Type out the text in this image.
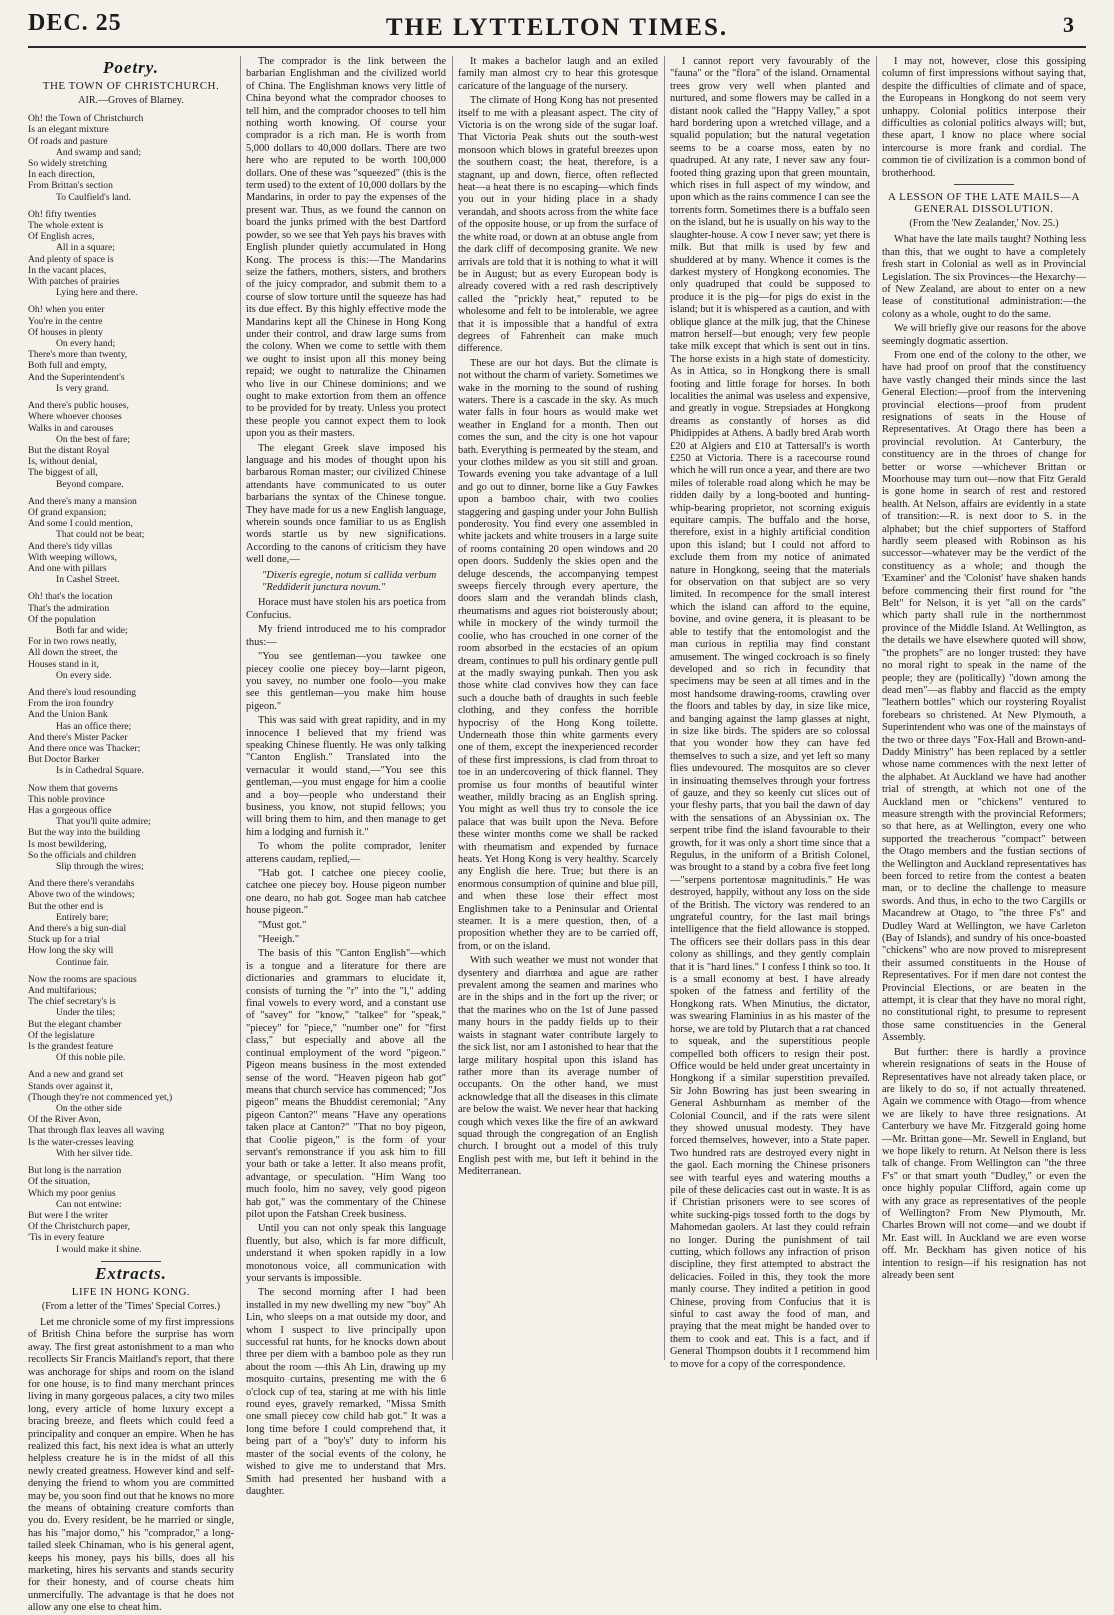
DEC. 25	THE LYTTELTON TIMES.	3
Poetry.
THE TOWN OF CHRISTCHURCH.
AIR.—Groves of Blarney.
Oh! the Town of Christchurch
Is an elegant mixture
Of roads and pasture
And swamp and sand;
So widely stretching
In each direction,
From Brittan's section
To Caulfield's land.
Oh! fifty twenties
The whole extent is
Of English acres,
All in a square;
And plenty of space is
In the vacant places,
With patches of prairies
Lying here and there.
Oh! when you enter
You're in the centre
Of houses in plenty
On every hand;
There's more than twenty,
Both full and empty,
And the Superintendent's
Is very grand.
And there's public houses,
Where whoever chooses
Walks in and carouses
On the best of fare;
But the distant Royal
Is, without denial,
The biggest of all,
Beyond compare.
And there's many a mansion
Of grand expansion;
And some I could mention,
That could not be beat;
And there's tidy villas
With weeping willows,
And one with pillars
In Cashel Street.
Oh! that's the location
That's the admiration
Of the population
Both far and wide;
For in two rows neatly,
All down the street, the
Houses stand in it,
On every side.
And there's loud resounding
From the iron foundry
And the Union Bank
Has an office there;
And there's Mister Packer
And there once was Thacker;
But Doctor Barker
Is in Cathedral Square.
Now them that governs
This noble province
Has a gorgeous office
That you'll quite admire;
But the way into the building
Is most bewildering,
So the officials and children
Slip through the wires;
And there there's verandahs
Above two of the windows;
But the other end is
Entirely bare;
And there's a big sun-dial
Stuck up for a trial
How long the sky will
Continue fair.
Now the rooms are spacious
And multifarious;
The chief secretary's is
Under the tiles;
But the elegant chamber
Of the legislature
Is the grandest feature
Of this noble pile.
And a new and grand set
Stands over against it,
(Though they're not commenced yet,)
On the other side
Of the River Avon,
That through flax leaves all waving
Is the water-cresses leaving
With her silver tide.
But long is the narration
Of the situation,
Which my poor genius
Can not entwine:
But were I the writer
Of the Christchurch paper,
'Tis in every feature
I would make it shine.
Extracts.
LIFE IN HONG KONG.
(From a letter of the 'Times' Special Corres.)

Let me chronicle some of my first impressions of British China before the surprise has worn away. The first great astonishment to a man who recollects Sir Francis Maitland's report, that there was anchorage for ships and room on the island for one house, is to find many merchant princes living in many gorgeous palaces, a city two miles long, every article of home luxury except a bracing breeze, and fleets which could feed a principality and conquer an empire. When he has realized this fact, his next idea is what an utterly helpless creature he is in the midst of all this newly created greatness. However kind and self-denying the friend to whom you are committed may be, you soon find out that he knows no more the means of obtaining creature comforts than you do. Every resident, be he married or single, has his "major domo," his "comprador," a long-tailed sleek Chinaman, who is his general agent, keeps his money, pays his bills, does all his marketing, hires his servants and stands security for their honesty, and of course cheats him unmercifully. The advantage is that he does not allow any one else to cheat him.

The comprador is the link between the barbarian Englishman and the civilized world of China. The Englishman knows very little of China beyond what the comprador chooses to tell him, and the comprador chooses to tell him nothing worth knowing. Of course your comprador is a rich man. He is worth from 5,000 dollars to 40,000 dollars. There are two here who are reputed to be worth 100,000 dollars. One of these was "squeezed" (this is the term used) to the extent of 10,000 dollars by the Mandarins, in order to pay the expenses of the present war. Thus, as we found the cannon on board the junks primed with the best Dartford powder, so we see that Yeh pays his braves with English plunder quietly accumulated in Hong Kong. The process is this:—The Mandarins seize the fathers, mothers, sisters, and brothers of the juicy comprador, and submit them to a course of slow torture until the squeeze has had its due effect. By this highly effective mode the Mandarins kept all the Chinese in Hong Kong under their control, and draw large sums from the colony. When we come to settle with them we ought to insist upon all this money being repaid; we ought to naturalize the Chinamen who live in our Chinese dominions; and we ought to make extortion from them an offence to be provided for by treaty. Unless you protect these people you cannot expect them to look upon you as their masters.

The elegant Greek slave imposed his language and his modes of thought upon his barbarous Roman master; our civilized Chinese attendants have communicated to us outer barbarians the syntax of the Chinese tongue. They have made for us a new English language, wherein sounds once familiar to us as English words startle us by new significations. According to the canons of criticism they have well done,—

"Dixeris egregie, notum si callida verbum
"Reddiderit junctura novum."

Horace must have stolen his ars poetica from Confucius.

My friend introduced me to his comprador thus:—

"You see gentleman—you tawkee one piecey coolie one piecey boy—larnt pigeon, you savey, no number one foolo—you make see this gentleman—you make him house pigeon."

This was said with great rapidity, and in my innocence I believed that my friend was speaking Chinese fluently. He was only talking "Canton English." Translated into the vernacular it would stand,—"You see this gentleman,—you must engage for him a coolie and a boy—people who understand their business, you know, not stupid fellows; you will bring them to him, and then manage to get him a lodging and furnish it."

To whom the polite comprador, leniter atterens caudam, replied,—

"Hab got. I catchee one piecey coolie, catchee one piecey boy. House pigeon number one dearo, no hab got. Sogee man hab catchee house pigeon."

"Must got."

"Heeigh."

The basis of this "Canton English"—which is a tongue and a literature for there are dictionaries and grammars to elucidate it, consists of turning the "r" into the "l," adding final vowels to every word, and a constant use of "savey" for "know," "talkee" for "speak," "piecey" for "piece," "number one" for "first class," but especially and above all the continual employment of the word "pigeon." Pigeon means business in the most extended sense of the word. "Heaven pigeon hab got" means that church service has commenced; "Jos pigeon" means the Bhuddist ceremonial; "Any pigeon Canton?" means "Have any operations taken place at Canton?" "That no boy pigeon, that Coolie pigeon," is the form of your servant's remonstrance if you ask him to fill your bath or take a letter. It also means profit, advantage, or speculation. "Him Wang too much foolo, him no savey, vely good pigeon hab got," was the commentary of the Chinese pilot upon the Fatshan Creek business.

Until you can not only speak this language fluently, but also, which is far more difficult, understand it when spoken rapidly in a low monotonous voice, all communication with your servants is impossible.

The second morning after I had been installed in my new dwelling my new "boy" Ah Lin, who sleeps on a mat outside my door, and whom I suspect to live principally upon successful rat hunts, for he knocks down about three per diem with a bamboo pole as they run about the room —this Ah Lin, drawing up my mosquito curtains, presenting me with the 6 o'clock cup of tea, staring at me with his little round eyes, gravely remarked, "Missa Smith one small piecey cow child hab got." It was a long time before I could comprehend that, it being part of a "boy's" duty to inform his master of the social events of the colony, he wished to give me to understand that Mrs. Smith had presented her husband with a daughter.

It makes a bachelor laugh and an exiled family man almost cry to hear this grotesque caricature of the language of the nursery.

The climate of Hong Kong has not presented itself to me with a pleasant aspect. The city of Victoria is on the wrong side of the sugar loaf. That Victoria Peak shuts out the south-west monsoon which blows in grateful breezes upon the southern coast; the heat, therefore, is a stagnant, up and down, fierce, often reflected heat—a heat there is no escaping—which finds you out in your hiding place in a shady verandah, and shoots across from the white face of the opposite house, or up from the surface of the white road, or down at an obtuse angle from the dark cliff of decomposing granite. We new arrivals are told that it is nothing to what it will be in August; but as every European body is already covered with a red rash descriptively called the "prickly heat," reputed to be wholesome and felt to be intolerable, we agree that it is impossible that a handful of extra degrees of Fahrenheit can make much difference.

These are our hot days. But the climate is not without the charm of variety. Sometimes we wake in the morning to the sound of rushing waters. There is a cascade in the sky. As much water falls in four hours as would make wet weather in England for a month. Then out comes the sun, and the city is one hot vapour bath. Everything is permeated by the steam, and your clothes mildew as you sit still and groan. Towards evening you take advantage of a lull and go out to dinner, borne like a Guy Fawkes upon a bamboo chair, with two coolies staggering and gasping under your John Bullish ponderosity. You find every one assembled in white jackets and white trousers in a large suite of rooms containing 20 open windows and 20 open doors. Suddenly the skies open and the deluge descends, the accompanying tempest sweeps fiercely through every aperture, the doors slam and the verandah blinds clash, rheumatisms and agues riot boisterously about; while in mockery of the windy turmoil the coolie, who has crouched in one corner of the room absorbed in the ecstacies of an opium dream, continues to pull his ordinary gentle pull at the madly swaying punkah. Then you ask those white clad convives how they can face such a douche bath of draughts in such feeble clothing, and they confess the horrible hypocrisy of the Hong Kong toilette. Underneath those thin white garments every one of them, except the inexperienced recorder of these first impressions, is clad from throat to toe in an undercovering of thick flannel. They promise us four months of beautiful winter weather, mildly bracing as an English spring. You might as well thus try to console the ice palace that was built upon the Neva. Before these winter months come we shall be racked with rheumatism and expended by furnace heats. Yet Hong Kong is very healthy. Scarcely any English die here. True; but there is an enormous consumption of quinine and blue pill, and when these lose their effect most Englishmen take to a Peninsular and Oriental steamer. It is a mere question, then, of a proposition whether they are to be carried off, from, or on the island.

With such weather we must not wonder that dysentery and diarrhœa and ague are rather prevalent among the seamen and marines who are in the ships and in the fort up the river; or that the marines who on the 1st of June passed many hours in the paddy fields up to their waists in stagnant water contribute largely to the sick list, nor am I astonished to hear that the large military hospital upon this island has rather more than its average number of occupants. On the other hand, we must acknowledge that all the diseases in this climate are below the waist. We never hear that hacking cough which vexes like the fire of an awkward squad through the congregation of an English church. I brought out a model of this truly English pest with me, but left it behind in the Mediterranean.

I cannot report very favourably of the "fauna" or the "flora" of the island. Ornamental trees grow very well when planted and nurtured, and some flowers may be called in a distant nook called the "Happy Valley," a spot hard bordering upon a wretched village, and a squalid population; but the natural vegetation seems to be a coarse moss, eaten by no quadruped. At any rate, I never saw any four-footed thing grazing upon that green mountain, which rises in full aspect of my window, and upon which as the rains commence I can see the torrents form. Sometimes there is a buffalo seen on the island, but he is usually on his way to the slaughter-house. A cow I never saw; yet there is milk. But that milk is used by few and shuddered at by many. Whence it comes is the darkest mystery of Hongkong economies. The only quadruped that could be supposed to produce it is the pig—for pigs do exist in the island; but it is whispered as a caution, and with oblique glance at the milk jug, that the Chinese matron herself—but enough; very few people take milk except that which is sent out in tins. The horse exists in a high state of domesticity. As in Attica, so in Hongkong there is small footing and little forage for horses. In both localities the animal was useless and expensive, and greatly in vogue. Strepsiades at Hongkong dreams as constantly of horses as did Phidippides at Athens. A badly bred Arab worth £20 at Algiers and £10 at Tattersall's is worth £250 at Victoria. There is a racecourse round which he will run once a year, and there are two miles of tolerable road along which he may be ridden daily by a long-booted and hunting-whip-bearing proprietor, not scorning exiguis equitare campis. The buffalo and the horse, therefore, exist in a highly artificial condition upon this island; but I could not afford to exclude them from my notice of animated nature in Hongkong, seeing that the materials for observation on that subject are so very limited. In recompence for the small interest which the island can afford to the equine, bovine, and ovine genera, it is pleasant to be able to testify that the entomologist and the man curious in reptilia may find constant amusement. The winged cockroach is so finely developed and so rich in fecundity that specimens may be seen at all times and in the most handsome drawing-rooms, crawling over the floors and tables by day, in size like mice, and banging against the lamp glasses at night, in size like birds. The spiders are so colossal that you wonder how they can have fed themselves to such a size, and yet left so many flies undevoured. The mosquitos are so clever in insinuating themselves through your fortress of gauze, and they so keenly cut slices out of your fleshy parts, that you bail the dawn of day with the sensations of an Abyssinian ox. The serpent tribe find the island favourable to their growth, for it was only a short time since that a Regulus, in the uniform of a British Colonel, was brought to a stand by a cobra five feet long—"serpens portentosæ magnitudinis." He was destroyed, happily, without any loss on the side of the British. The victory was rendered to an ungrateful country, for the last mail brings intelligence that the field allowance is stopped. The officers see their dollars pass in this dear colony as shillings, and they gently complain that it is "hard lines." I confess I think so too. It is a small economy at best. I have already spoken of the fatness and fertility of the Hongkong rats. When Minutius, the dictator, was swearing Flaminius in as his master of the horse, we are told by Plutarch that a rat chanced to squeak, and the superstitious people compelled both officers to resign their post. Office would be held under great uncertainty in Hongkong if a similar superstition prevailed. Sir John Bowring has just been swearing in General Ashburnham as member of the Colonial Council, and if the rats were silent they showed unusual modesty. They have forced themselves, however, into a State paper. Two hundred rats are destroyed every night in the gaol. Each morning the Chinese prisoners see with tearful eyes and watering mouths a pile of these delicacies cast out in waste. It is as if Christian prisoners were to see scores of white sucking-pigs tossed forth to the dogs by Mahomedan gaolers. At last they could refrain no longer. During the punishment of tail cutting, which follows any infraction of prison discipline, they first attempted to abstract the delicacies. Foiled in this, they took the more manly course. They indited a petition in good Chinese, proving from Confucius that it is sinful to cast away the food of man, and praying that the meat might be handed over to them to cook and eat. This is a fact, and if General Thompson doubts it I recommend him to move for a copy of the correspondence.

I may not, however, close this gossiping column of first impressions without saying that, despite the difficulties of climate and of space, the Europeans in Hongkong do not seem very unhappy. Colonial politics interpose their difficulties as colonial politics always will; but, these apart, I know no place where social intercourse is more frank and cordial. The common tie of civilization is a common bond of brotherhood.

A LESSON OF THE LATE MAILS—A GENERAL DISSOLUTION.
(From the 'New Zealander,' Nov. 25.)

What have the late mails taught? Nothing less than this, that we ought to have a completely fresh start in Colonial as well as in Provincial Legislation. The six Provinces—the Hexarchy—of New Zealand, are about to enter on a new lease of constitutional administration:—the colony as a whole, ought to do the same.

We will briefly give our reasons for the above seemingly dogmatic assertion.

From one end of the colony to the other, we have had proof on proof that the constituency have vastly changed their minds since the last General Election:—proof from the intervening provincial elections—proof from prudent resignations of seats in the House of Representatives. At Otago there has been a provincial revolution. At Canterbury, the constituency are in the throes of change for better or worse —whichever Brittan or Moorhouse may turn out—now that Fitz Gerald is gone home in search of rest and restored health. At Nelson, affairs are evidently in a state of transition:—R. is next door to S. in the alphabet; but the chief supporters of Stafford hardly seem pleased with Robinson as his successor—whatever may be the verdict of the constituency as a whole; and though the 'Examiner' and the 'Colonist' have shaken hands before commencing their first round for "the Belt" for Nelson, it is yet "all on the cards" which party shall rule in the northernmost province of the Middle Island. At Wellington, as the details we have elsewhere quoted will show, "the prophets" are no longer trusted: they have no moral right to speak in the name of the people; they are (politically) "down among the dead men"—as flabby and flaccid as the empty "leathern bottles" which our roystering Royalist forebears so christened. At New Plymouth, a Superintendent who was one of the mainstays of the two or three days "Fox-Hall and Brown-and-Daddy Ministry" has been replaced by a settler whose name commences with the next letter of the alphabet. At Auckland we have had another trial of strength, at which not one of the Auckland men or "chickens" ventured to measure strength with the provincial Reformers; so that here, as at Wellington, every one who supported the treacherous "compact" between the Otago members and the fustian sections of the Wellington and Auckland representatives has been forced to retire from the contest a beaten man, or to decline the challenge to measure swords. And thus, in echo to the two Cargills or Macandrew at Otago, to "the three F's" and Dudley Ward at Wellington, we have Carleton (Bay of Islands), and sundry of his once-boasted "chickens" who are now proved to misrepresent their assumed constituents in the House of Representatives. For if men dare not contest the Provincial Elections, or are beaten in the attempt, it is clear that they have no moral right, no constitutional right, to presume to represent those same constituencies in the General Assembly.

But further: there is hardly a province wherein resignations of seats in the House of Representatives have not already taken place, or are likely to do so, if not actually threatened. Again we commence with Otago—from whence we are likely to have three resignations. At Canterbury we have Mr. Fitzgerald going home—Mr. Brittan gone—Mr. Sewell in England, but we hope likely to return. At Nelson there is less talk of change. From Wellington can "the three F's" or that smart youth "Dudley," or even the once highly popular Clifford, again come up with any grace as representatives of the people of Wellington? From New Plymouth, Mr. Charles Brown will not come—and we doubt if Mr. East will. In Auckland we are even worse off. Mr. Beckham has given notice of his intention to resign—if his resignation has not already been sent
